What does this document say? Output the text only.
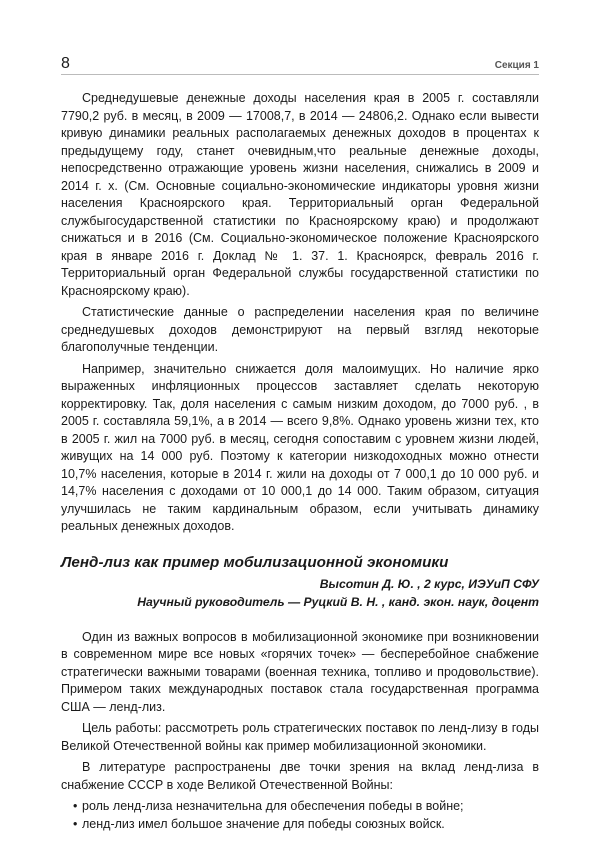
8	Секция 1

Среднедушевые денежные доходы населения края в 2005 г. составляли 7790,2 руб. в месяц, в 2009 — 17008,7, в 2014 — 24806,2. Однако если вывести кривую динамики реальных располагаемых денежных доходов в процентах к предыдущему году, станет очевидным,что реальные денежные доходы, непосредственно отражающие уровень жизни населения, снижались в 2009 и 2014 г. х. (См. Основные социально-экономические индикаторы уровня жизни населения Красноярского края. Территориальный орган Федеральной службыгосударственной статистики по Красноярскому краю) и продолжают снижаться и в 2016 (См. Социально-экономическое положение Красноярского края в январе 2016 г. Доклад № 1. 37. 1. Красноярск, февраль 2016 г. Территориальный орган Федеральной службы государственной статистики по Красноярскому краю).

Статистические данные о распределении населения края по величине среднедушевых доходов демонстрируют на первый взгляд некоторые благополучные тенденции.

Например, значительно снижается доля малоимущих. Но наличие ярко выраженных инфляционных процессов заставляет сделать некоторую корректировку. Так, доля населения с самым низким доходом, до 7000 руб. , в 2005 г. составляла 59,1%, а в 2014 — всего 9,8%. Однако уровень жизни тех, кто в 2005 г. жил на 7000 руб. в месяц, сегодня сопоставим с уровнем жизни людей, живущих на 14 000 руб. Поэтому к категории низкодоходных можно отнести 10,7% населения, которые в 2014 г. жили на доходы от 7 000,1 до 10 000 руб. и 14,7% населения с доходами от 10 000,1 до 14 000. Таким образом, ситуация улучшилась не таким кардинальным образом, если учитывать динамику реальных денежных доходов.

Ленд-лиз как пример мобилизационной экономики

Высотин Д. Ю. , 2 курс, ИЭУиП СФУ

Научный руководитель — Руцкий В. Н. , канд. экон. наук, доцент

Один из важных вопросов в мобилизационной экономике при возникновении в современном мире все новых «горячих точек» — бесперебойное снабжение стратегически важными товарами (военная техника, топливо и продовольствие). Примером таких международных поставок стала государственная программа США — ленд-лиз.

Цель работы: рассмотреть роль стратегических поставок по ленд-лизу в годы Великой Отечественной войны как пример мобилизационной экономики.

В литературе распространены две точки зрения на вклад ленд-лиза в снабжение СССР в ходе Великой Отечественной Войны:

• роль ленд-лиза незначительна для обеспечения победы в войне;
• ленд-лиз имел большое значение для победы союзных войск.
